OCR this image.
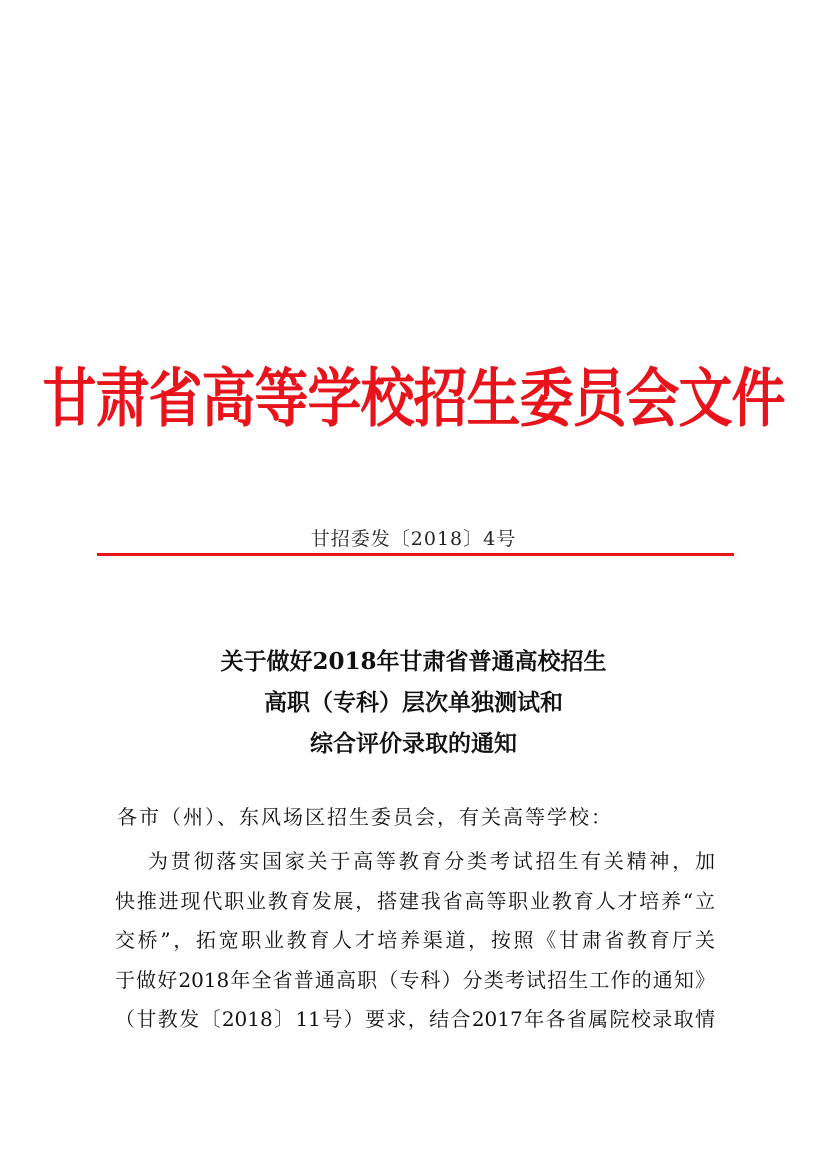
甘肃省高等学校招生委员会文件
甘招委发〔2018〕4号
关于做好2018年甘肃省普通高校招生
高职（专科）层次单独测试和
综合评价录取的通知
各市（州）、东风场区招生委员会，有关高等学校：
为贯彻落实国家关于高等教育分类考试招生有关精神，加
快推进现代职业教育发展，搭建我省高等职业教育人才培养“立
交桥”，拓宽职业教育人才培养渠道，按照《甘肃省教育厅关
于做好2018年全省普通高职（专科）分类考试招生工作的通知》
（甘教发〔2018〕11号）要求，结合2017年各省属院校录取情
